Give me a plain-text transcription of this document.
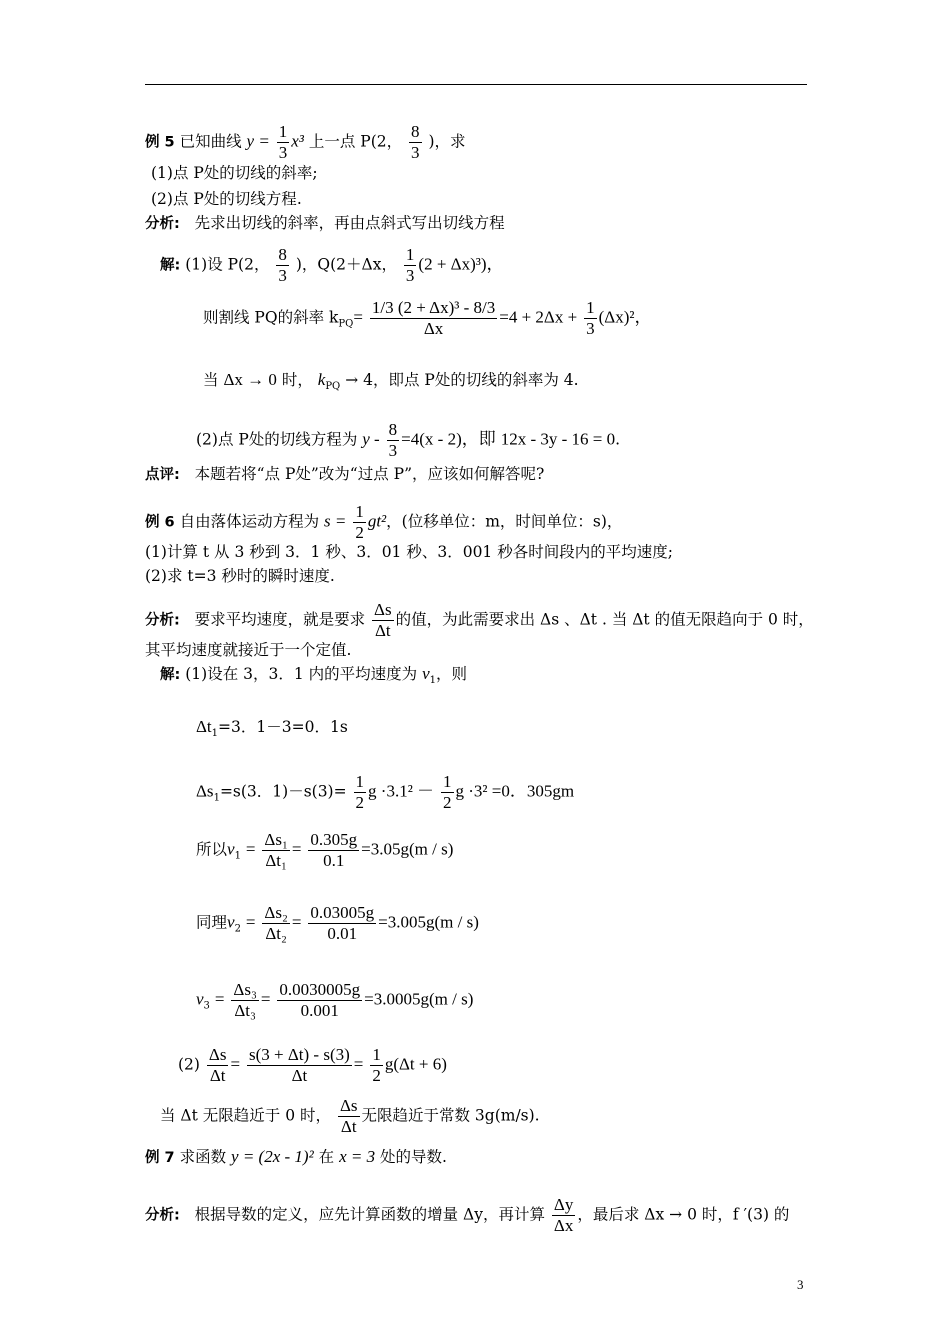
例 5 已知曲线 $y = \frac{1}{3} x^3$ 上一点 P(2， $\frac{8}{3}$ )，求
(1)点 P处的切线的斜率;
(2)点 P处的切线方程.
分析: 先求出切线的斜率，再由点斜式写出切线方程
解: (1)设 P(2， $\frac{8}{3}$ )，Q(2＋Δx， $\frac{1}{3} (2 + \Delta x)^3$)，
则割线 PQ的斜率 $k_{PQ}= \frac{\text{1/3 (2 + Δx)³ - 8/3}}{\Delta x} =4 + 2\Delta x + \frac{1}{3} (\Delta x)^2$，
当 Δx → 0 时， $k_{PQ} \to 4$，即点 P处的切线的斜率为 4.
(2)点 P处的切线方程为 $y - \frac{8}{3} =4(x - 2)$，即 12x - 3y - 16 = 0.
点评: 本题若将“点 P处”改为“过点 P”，应该如何解答呢?
例 6 自由落体运动方程为 $s = \frac{1}{2} gt^2$，(位移单位：m，时间单位：s)，
(1)计算 t 从 3 秒到 3．1 秒、3．01 秒、3．001 秒各时间段内的平均速度;
(2)求 t=3 秒时的瞬时速度.
分析: 要求平均速度，就是要求 $\frac{\Delta s}{\Delta t}$ 的值，为此需要求出 Δs 、Δt . 当 Δt 的值无限趋向于 0 时，
其平均速度就接近于一个定值.
解: (1)设在 3，3．1 内的平均速度为 $v_1$，则
$\Delta t_1=3$．1－3=0．1s
$\Delta s_1=s(3$．$1)-s(3)= \frac{1}{2}$ $g \cdot 3.1^2 - \frac{1}{2}$ g ·3² =0．305gm
所以$v_1 = \frac{\text{Δs₁}}{\text{Δt₁}} = \frac{0.305g}{0.1} =3.05g(m / s)$
同理$v_2 = \frac{\text{Δs₂}}{\text{Δt₂}} = \frac{0.03005g}{0.01} =3.005g(m / s)$
$v_3 = \frac{\text{Δs₃}}{\text{Δt₃}} = \frac{0.0030005g}{0.001} =3.0005g(m / s)$
$(2) \frac{\Delta s}{\Delta t} = \frac{s(3 + \Delta t) - s(3)}{\Delta t} = \frac{1}{2} g(\Delta t + 6)$
当 Δt 无限趋近于 0 时， $\frac{\Delta s}{\Delta t}$ 无限趋近于常数 3g(m/s).
例 7 求函数 y = (2x - 1)² 在 x = 3 处的导数.
分析: 根据导数的定义，应先计算函数的增量 Δy，再计算 $\frac{\Delta y}{\Delta x}$ ，最后求 Δx → 0 时，f ′(3) 的
3
